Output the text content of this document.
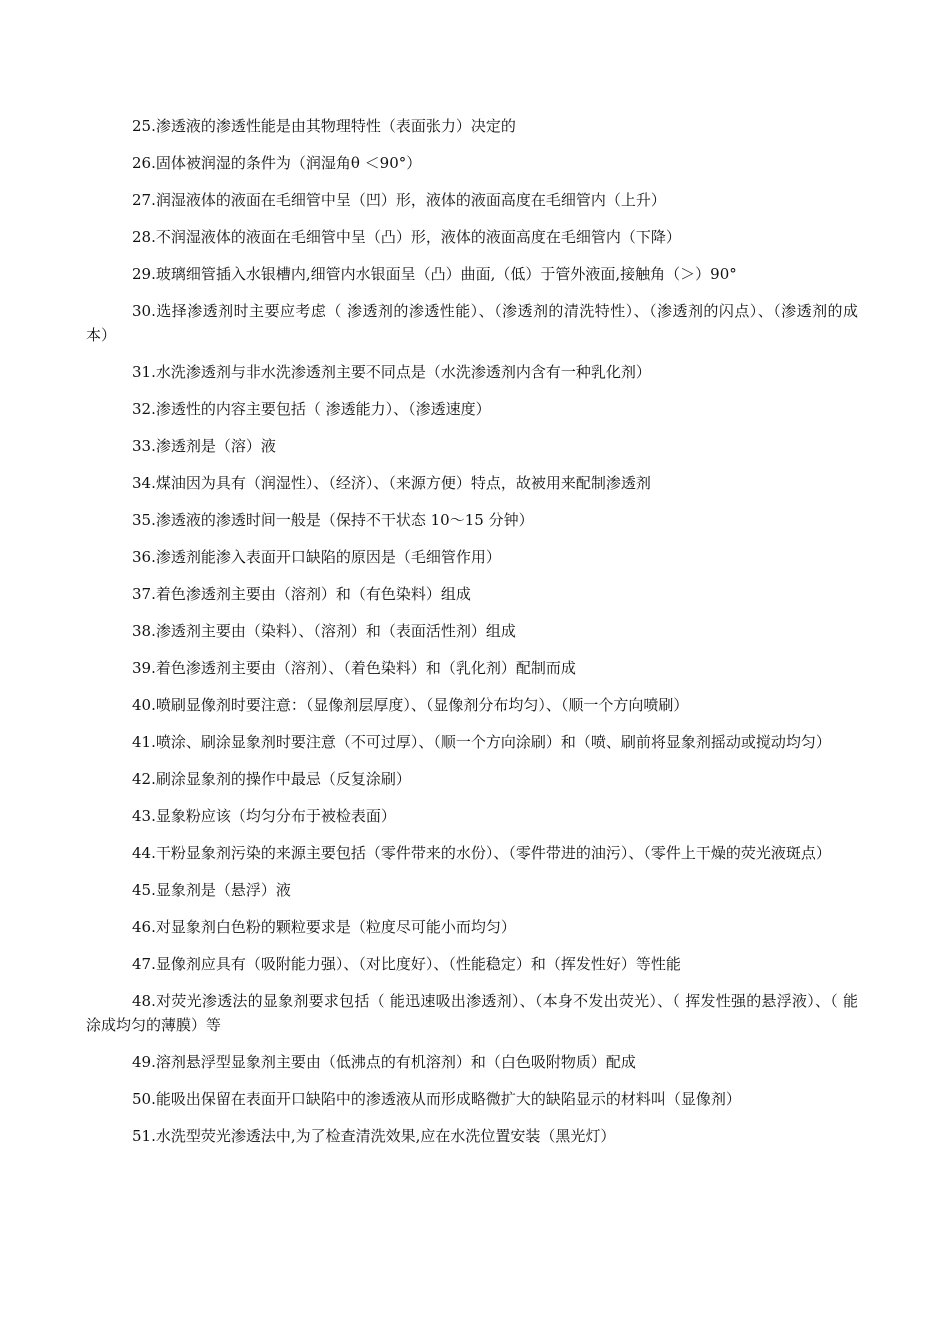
25.渗透液的渗透性能是由其物理特性（表面张力）决定的

26.固体被润湿的条件为（润湿角θ ＜90°）

27.润湿液体的液面在毛细管中呈（凹）形，液体的液面高度在毛细管内（上升）

28.不润湿液体的液面在毛细管中呈（凸）形，液体的液面高度在毛细管内（下降）

29.玻璃细管插入水银槽内,细管内水银面呈（凸）曲面,（低）于管外液面,接触角（＞）90°

30.选择渗透剂时主要应考虑（ 渗透剂的渗透性能）、（渗透剂的清洗特性）、（渗透剂的闪点）、（渗透剂的成本）

31.水洗渗透剂与非水洗渗透剂主要不同点是（水洗渗透剂内含有一种乳化剂）

32.渗透性的内容主要包括（ 渗透能力）、（渗透速度）

33.渗透剂是（溶）液

34.煤油因为具有（润湿性）、（经济）、（来源方便）特点，故被用来配制渗透剂

35.渗透液的渗透时间一般是（保持不干状态 10～15 分钟）

36.渗透剂能渗入表面开口缺陷的原因是（毛细管作用）

37.着色渗透剂主要由（溶剂）和（有色染料）组成

38.渗透剂主要由（染料）、（溶剂）和（表面活性剂）组成

39.着色渗透剂主要由（溶剂）、（着色染料）和（乳化剂）配制而成

40.喷刷显像剂时要注意：（显像剂层厚度）、（显像剂分布均匀）、（顺一个方向喷刷）

41.喷涂、刷涂显象剂时要注意（不可过厚）、（顺一个方向涂刷）和（喷、刷前将显象剂摇动或搅动均匀）

42.刷涂显象剂的操作中最忌（反复涂刷）

43.显象粉应该（均匀分布于被检表面）

44.干粉显象剂污染的来源主要包括（零件带来的水份）、（零件带进的油污）、（零件上干燥的荧光液斑点）

45.显象剂是（悬浮）液

46.对显象剂白色粉的颗粒要求是（粒度尽可能小而均匀）

47.显像剂应具有（吸附能力强）、（对比度好）、（性能稳定）和（挥发性好）等性能

48.对荧光渗透法的显象剂要求包括（ 能迅速吸出渗透剂）、（本身不发出荧光）、（ 挥发性强的悬浮液）、（ 能涂成均匀的薄膜）等

49.溶剂悬浮型显象剂主要由（低沸点的有机溶剂）和（白色吸附物质）配成

50.能吸出保留在表面开口缺陷中的渗透液从而形成略微扩大的缺陷显示的材料叫（显像剂）

51.水洗型荧光渗透法中,为了检查清洗效果,应在水洗位置安装（黑光灯）
